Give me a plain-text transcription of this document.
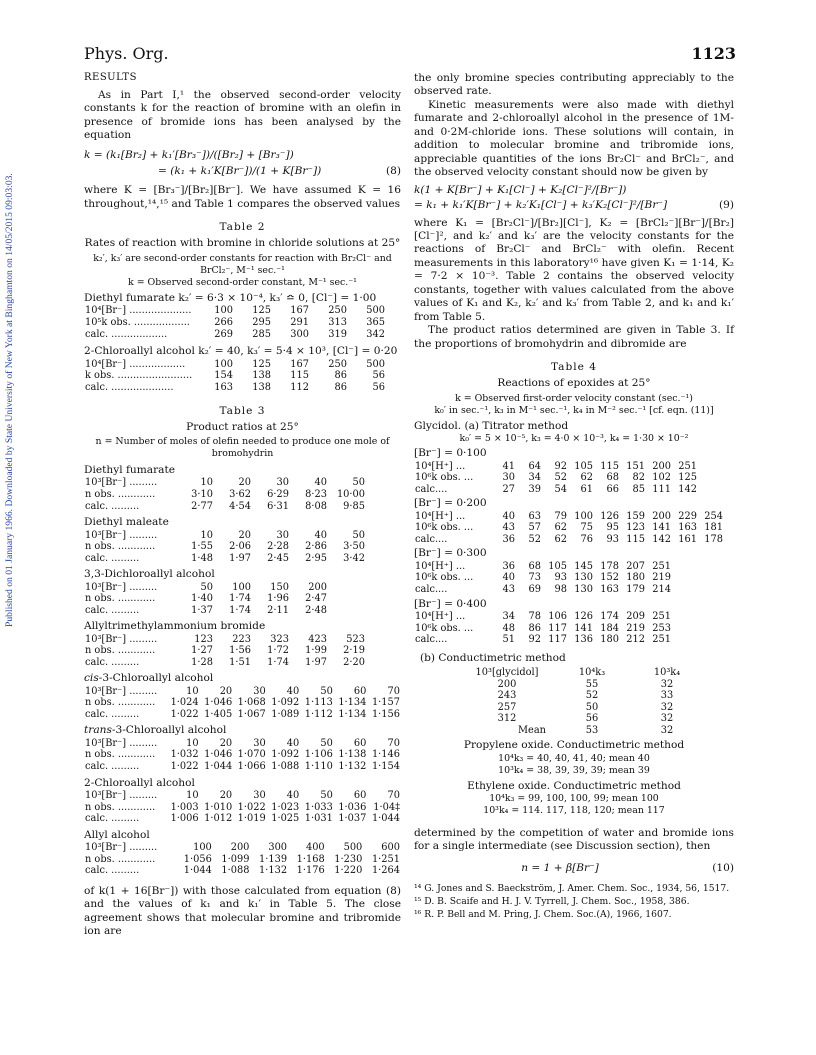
Phys. Org.	1123
Published on 01 January 1966. Downloaded by State University of New York at Binghamton on 14/05/2015 09:03:03.
RESULTS

As in Part I,¹ the observed second-order velocity constants k for the reaction of bromine with an olefin in presence of bromide ions has been analysed by the equation

k = (k₁[Br₂] + k₁′[Br₃⁻])/([Br₂] + [Br₃⁻])
= (k₁ + k₁′K[Br⁻])/(1 + K[Br⁻])	(8)

where K = [Br₃⁻]/[Br₂][Br⁻]. We have assumed K = 16 throughout,¹⁴,¹⁵ and Table 1 compares the observed values

Table 2
Rates of reaction with bromine in chloride solutions at 25°
k₂′, k₃′ are second-order constants for reaction with Br₂Cl⁻ and BrCl₂⁻, M⁻¹ sec.⁻¹
k = Observed second-order constant, M⁻¹ sec.⁻¹
Diethyl fumarate k₂′ = 6·3 × 10⁻⁴, k₃′ ≏ 0, [Cl⁻] = 1·00
10⁴[Br⁻] ....................	100	125	167	250	500
10⁵k obs. ..................	266	295	291	313	365
calc. ..................	269	285	300	319	342
2-Chloroallyl alcohol k₂′ = 40, k₃′ = 5·4 × 10³, [Cl⁻] = 0·20
10⁴[Br⁻] ..................	100	125	167	250	500
k obs. ........................	154	138	115	86	56
calc. ....................	163	138	112	86	56
Table 3
Product ratios at 25°
n = Number of moles of olefin needed to produce one mole of bromohydrin
Diethyl fumarate
10³[Br⁻] .........	10	20	30	40	50
n obs. ............	3·10	3·62	6·29	8·23	10·00
calc. .........	2·77	4·54	6·31	8·08	9·85
Diethyl maleate
10³[Br⁻] .........	10	20	30	40	50
n obs. ............	1·55	2·06	2·28	2·86	3·50
calc. .........	1·48	1·97	2·45	2·95	3·42
3,3-Dichloroallyl alcohol
10³[Br⁻] .........	50	100	150	200
n obs. ............	1·40	1·74	1·96	2·47
calc. .........	1·37	1·74	2·11	2·48
Allyltrimethylammonium bromide
10³[Br⁻] .........	123	223	323	423	523
n obs. ............	1·27	1·56	1·72	1·99	2·19
calc. .........	1·28	1·51	1·74	1·97	2·20
cis-3-Chloroallyl alcohol
10³[Br⁻] .........	10	20	30	40	50	60	70
n obs. ............	1·024	1·046	1·068	1·092	1·113	1·134	1·157
calc. .........	1·022	1·405	1·067	1·089	1·112	1·134	1·156
trans-3-Chloroallyl alcohol
10³[Br⁻] .........	10	20	30	40	50	60	70
n obs. ............	1·032	1·046	1·070	1·092	1·106	1·138	1·146
calc. .........	1·022	1·044	1·066	1·088	1·110	1·132	1·154
2-Chloroallyl alcohol
10³[Br⁻] .........	10	20	30	40	50	60	70
n obs. ............	1·003	1·010	1·022	1·023	1·033	1·036	1·04‡
calc. .........	1·006	1·012	1·019	1·025	1·031	1·037	1·044
Allyl alcohol
10³[Br⁻] .........	100	200	300	400	500	600
n obs. ............	1·056	1·099	1·139	1·168	1·230	1·251
calc. .........	1·044	1·088	1·132	1·176	1·220	1·264

of k(1 + 16[Br⁻]) with those calculated from equation (8) and the values of k₁ and k₁′ in Table 5. The close agreement shows that molecular bromine and tribromide ion are

the only bromine species contributing appreciably to the observed rate.

Kinetic measurements were also made with diethyl fumarate and 2-chloroallyl alcohol in the presence of 1M- and 0·2M-chloride ions. These solutions will contain, in addition to molecular bromine and tribromide ions, appreciable quantities of the ions Br₂Cl⁻ and BrCl₂⁻, and the observed velocity constant should now be given by

k(1 + K[Br⁻] + K₁[Cl⁻] + K₂[Cl⁻]²/[Br⁻])
= k₁ + k₁′K[Br⁻] + k₂′K₁[Cl⁻] + k₃′K₂[Cl⁻]²/[Br⁻]	(9)

where K₁ = [Br₂Cl⁻]/[Br₂][Cl⁻], K₂ = [BrCl₂⁻][Br⁻]/[Br₂][Cl⁻]², and k₂′ and k₃′ are the velocity constants for the reactions of Br₂Cl⁻ and BrCl₂⁻ with olefin. Recent measurements in this laboratory¹⁶ have given K₁ = 1·14, K₂ = 7·2 × 10⁻³. Table 2 contains the observed velocity constants, together with values calculated from the above values of K₁ and K₂, k₂′ and k₃′ from Table 2, and k₁ and k₁′ from Table 5.

The product ratios determined are given in Table 3. If the proportions of bromohydrin and dibromide are

Table 4
Reactions of epoxides at 25°
k = Observed first-order velocity constant (sec.⁻¹)
k₀′ in sec.⁻¹, k₃ in M⁻¹ sec.⁻¹, k₄ in M⁻² sec.⁻¹ [cf. eqn. (11)]
Glycidol. (a) Titrator method
k₀′ = 5 × 10⁻⁵, k₃ = 4·0 × 10⁻³, k₄ = 1·30 × 10⁻²
[Br⁻] = 0·100
10⁴[H⁺] ...	41	64	92	105	115	151	200	251
10⁶k obs. ...	30	34	52	62	68	82	102	125
calc....	27	39	54	61	66	85	111	142
[Br⁻] = 0·200
10⁴[H⁺] ...	40	63	79	100	126	159	200	229	254
10⁶k obs. ...	43	57	62	75	95	123	141	163	181
calc....	36	52	62	76	93	115	142	161	178
[Br⁻] = 0·300
10⁴[H⁺] ...	36	68	105	145	178	207	251
10⁶k obs. ...	40	73	93	130	152	180	219
calc....	43	69	98	130	163	179	214
[Br⁻] = 0·400
10⁴[H⁺] ...	34	78	106	126	174	209	251
10⁶k obs. ...	48	86	117	141	184	219	253
calc....	51	92	117	136	180	212	251
(b) Conductimetric method
10³[glycidol]	10⁴k₃	10³k₄
200	55	32
243	52	33
257	50	32
312	56	32
Mean	53	32
Propylene oxide. Conductimetric method
10⁴k₃ = 40, 40, 41, 40; mean 40
10³k₄ = 38, 39, 39, 39; mean 39
Ethylene oxide. Conductimetric method
10⁴k₃ = 99, 100, 100, 99; mean 100
10³k₄ = 114. 117, 118, 120; mean 117

determined by the competition of water and bromide ions for a single intermediate (see Discussion section), then

n = 1 + β[Br⁻]	(10)
¹⁴ G. Jones and S. Baeckström, J. Amer. Chem. Soc., 1934, 56, 1517.
¹⁵ D. B. Scaife and H. J. V. Tyrrell, J. Chem. Soc., 1958, 386.
¹⁶ R. P. Bell and M. Pring, J. Chem. Soc.(A), 1966, 1607.
